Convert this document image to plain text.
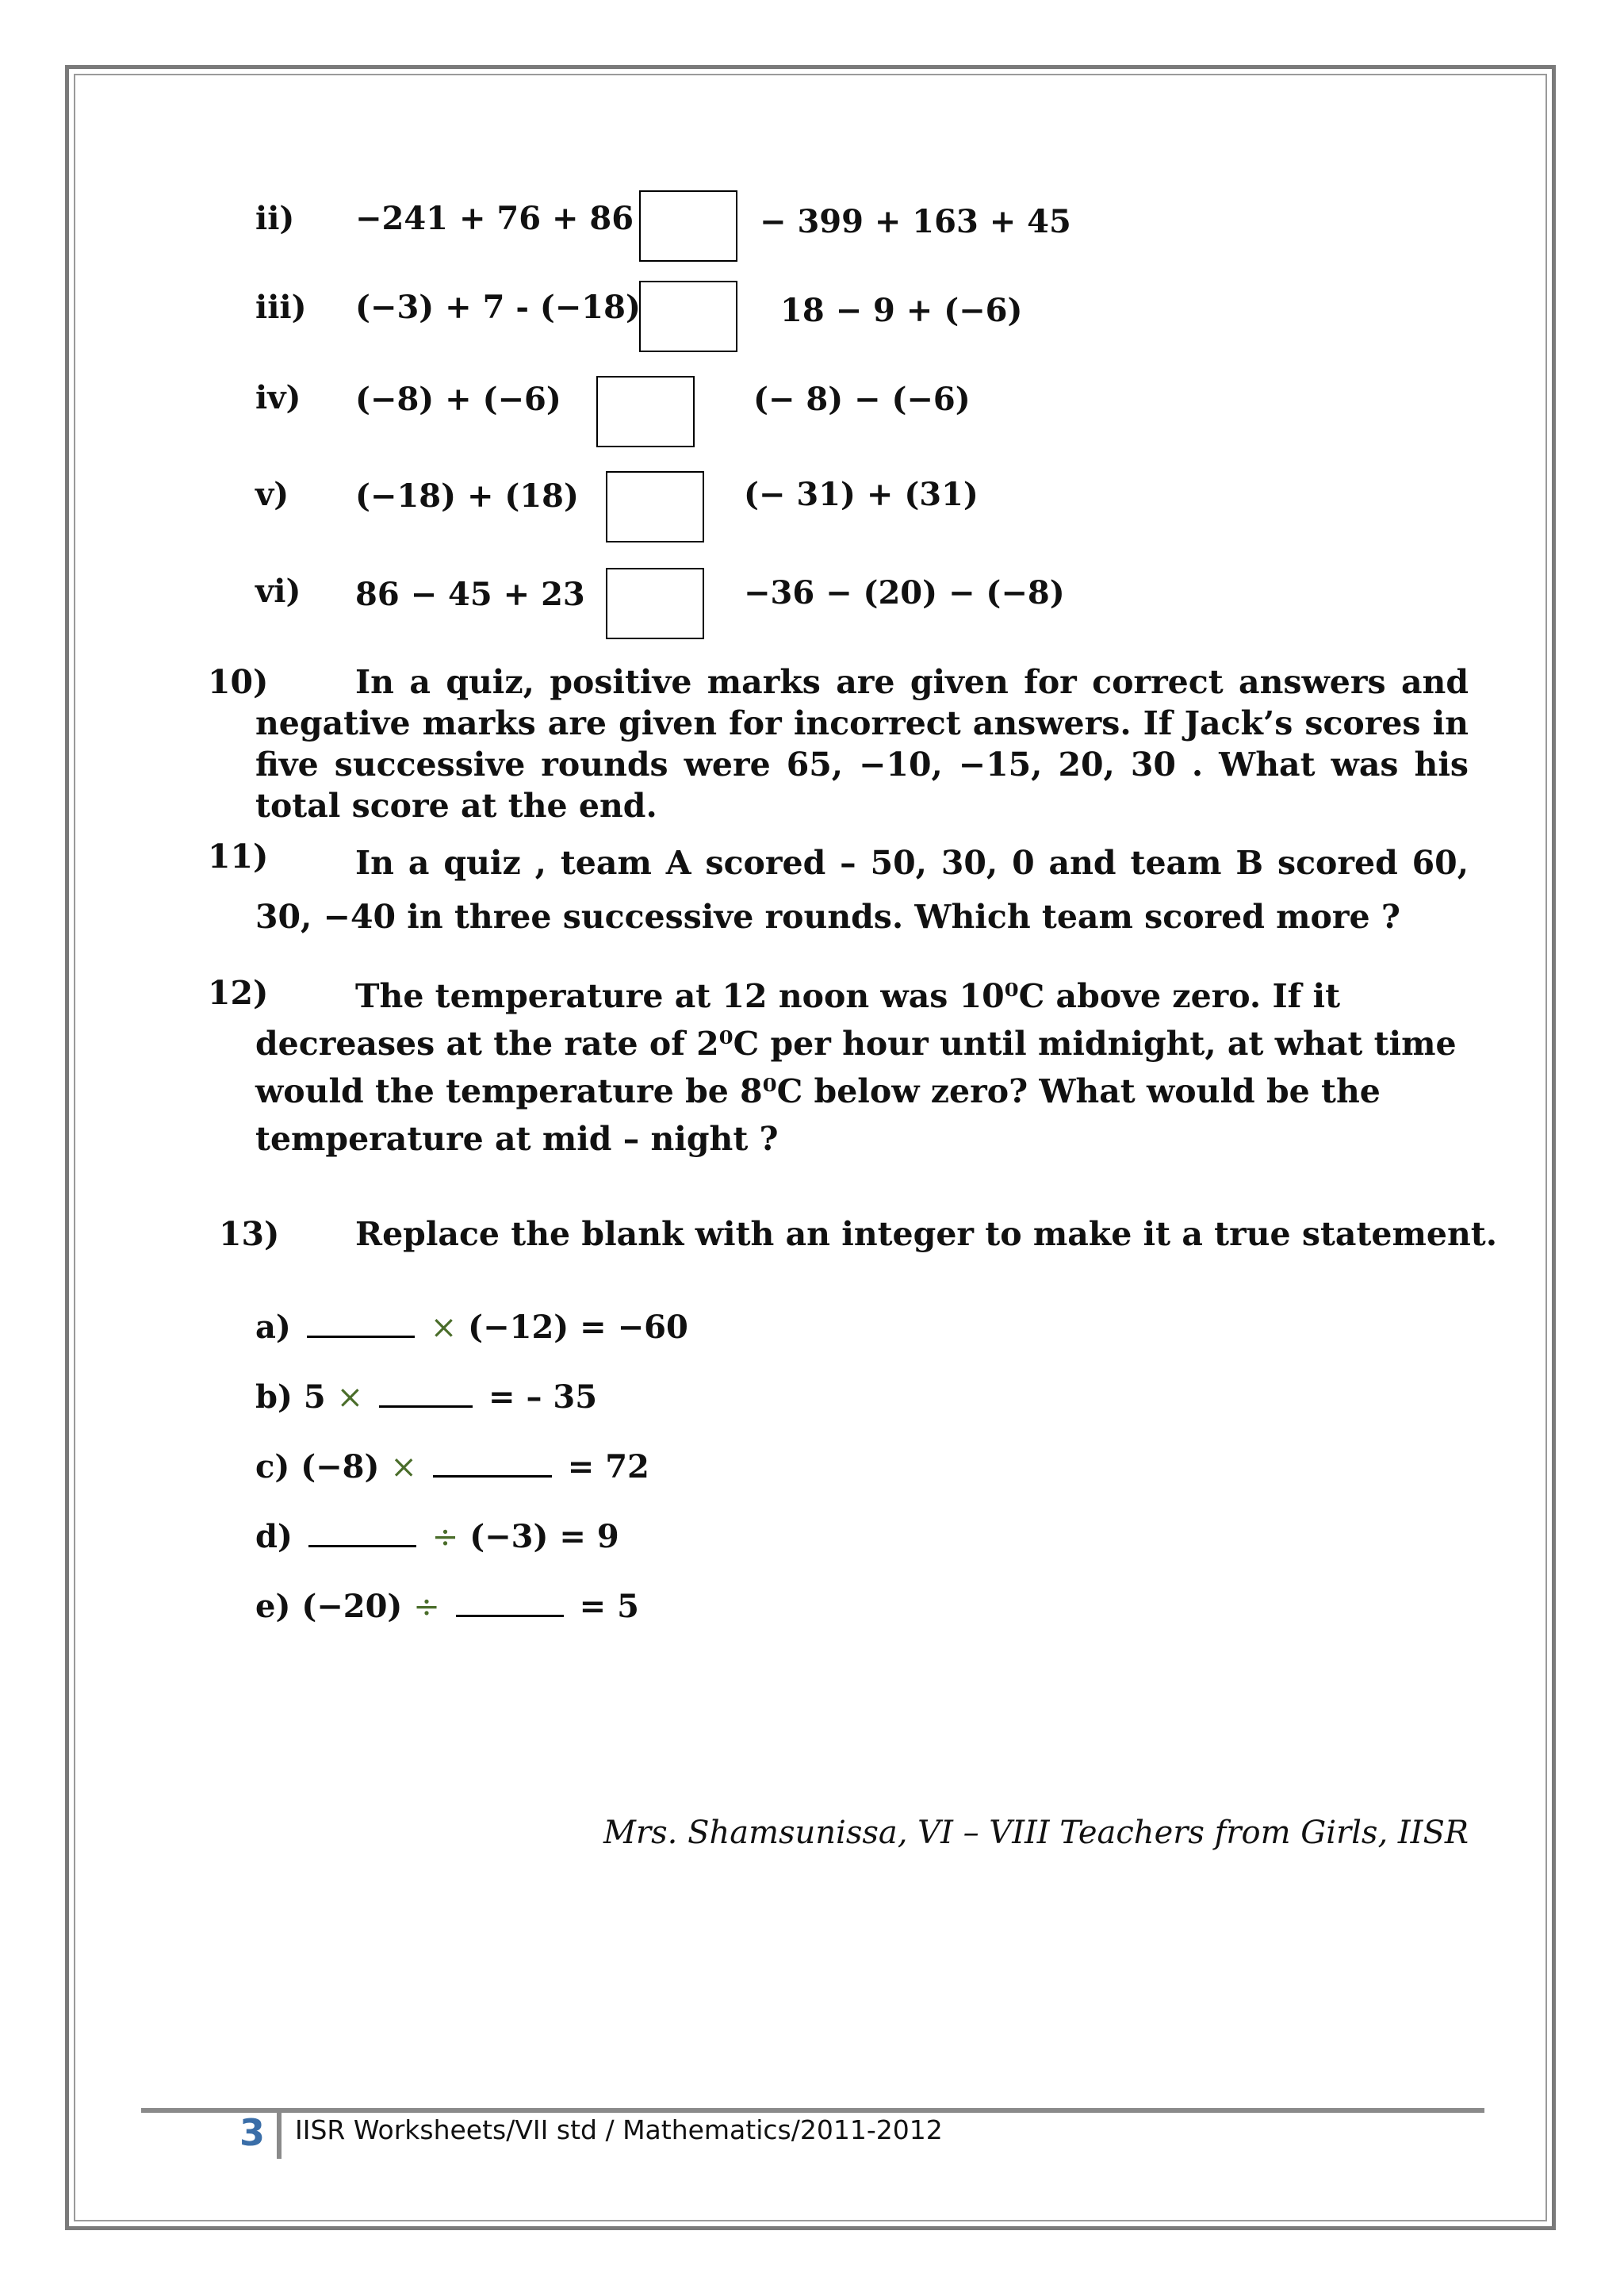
ii) −241 + 76 + 86	− 399 + 163 + 45
iii) (−3) + 7 - (−18)	18 − 9 + (−6)
iv) (−8) + (−6)	(− 8) − (−6)
v) (−18) + (18)	(− 31) + (31)
vi) 86 − 45 + 23	−36 − (20) − (−8)
10)	In a quiz, positive marks are given for correct answers and negative marks are given for incorrect answers. If Jack’s scores in five successive rounds were 65, −10, −15, 20, 30 . What was his total score at the end.
11)	In a quiz , team A scored – 50, 30, 0 and team B scored 60, 30, −40 in three successive rounds. Which team scored more ?
12)	The temperature at 12 noon was 10⁰C above zero. If it decreases at the rate of 2⁰C per hour until midnight, at what time would the temperature be 8⁰C below zero? What would be the temperature at mid – night ?
13) Replace the blank with an integer to make it a true statement.
a)	× (−12) = −60
b) 5 ×	= – 35
c) (−8) ×	= 72
d)	÷ (−3) = 9
e) (−20) ÷	= 5
Mrs. Shamsunissa, VI – VIII Teachers from Girls, IISR
3 IISR Worksheets/VII std / Mathematics/2011-2012
